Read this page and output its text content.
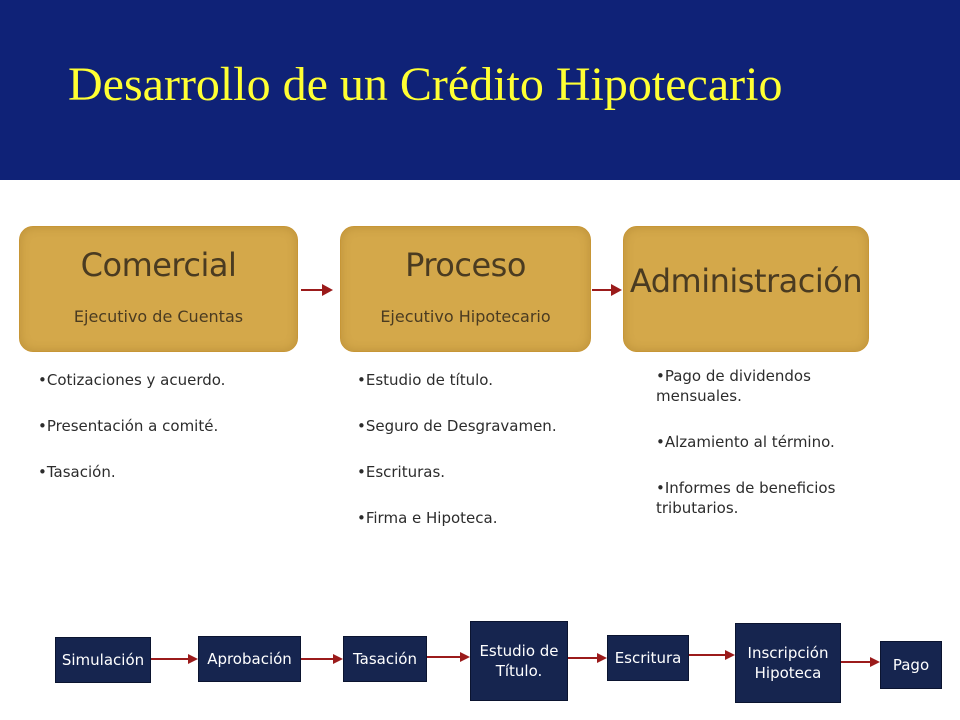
Desarrollo de un Crédito Hipotecario
Comercial
Ejecutivo de Cuentas
Proceso
Ejecutivo Hipotecario
Administración
•Cotizaciones y acuerdo.
•Presentación a comité.
•Tasación.
•Estudio de título.
•Seguro de Desgravamen.
•Escrituras.
•Firma e Hipoteca.
•Pago de dividendos mensuales.
•Alzamiento al término.
•Informes de beneficios tributarios.
Simulación	Aprobación	Tasación	Estudio de Título.
Escritura	Inscripción Hipoteca	Pago
